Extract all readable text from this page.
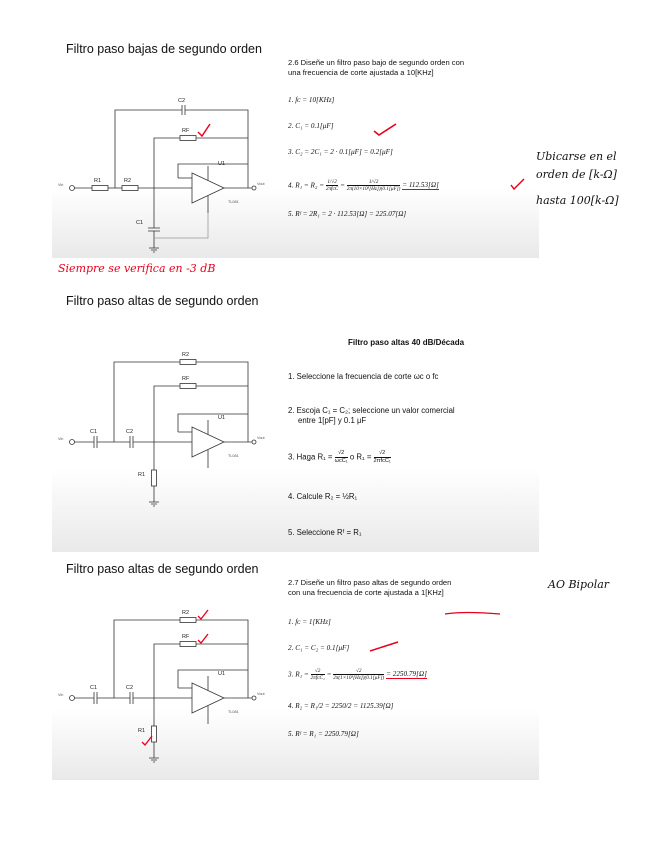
Filtro paso bajas de segundo orden
C2
RF
R1	R2
C1
U1
Vin	Vout
TL081
2.6 Diseñe un filtro paso bajo de segundo orden con
una frecuencia de corte ajustada a 10[KHz]
1. fᴄ = 10[KHz]
2. C₁ = 0.1[μF]
3. C₂ = 2C₁ = 2 · 0.1[μF] = 0.2[μF]
4. R₁ = R₂ = 1/√2
2πfᴄC = $\frac{1/√2}{\text{2π(10×10³[Hz])(0.1[μF])}} = 112.53[\Omega]$
5. Rᶠ = 2R₁ = 2 · 112.53[Ω] = 225.07[Ω]
Ubicarse en el
orden de [k-Ω]
hasta 100[k-Ω]
Siempre se verifica en -3 dB
Filtro paso altas de segundo orden
R2
RF
C1	C2
R1
U1
Vin	Vout
TL081
Filtro paso altas 40 dB/Década
1. Seleccione la frecuencia de corte ωᴄ o fᴄ
2. Escoja C₁ = C₂; seleccione un valor comercial
entre 1[pF] y 0.1 μF
3. Haga R₁ = √2
ωᴄC₁ o R₁ = √2
2πfᴄC₁
4. Calcule R₂ = ½R₁
5. Seleccione Rᶠ = R₁
Filtro paso altas de segundo orden
R2
RF
C1	C2
R1
U1
Vin	Vout
TL081
2.7 Diseñe un filtro paso altas de segundo orden
con una frecuencia de corte ajustada a 1[KHz]
1. fᴄ = 1[KHz]
2. C₁ = C₂ = 0.1[μF]
3. R₁ = √2
2πfᴄC₁ = $\frac{√2}{\text{2π(1×10³[Hz])(0.1[μF])}} = 2250.79[\Omega]$
4. R₂ = R₁/2 = 2250/2 = 1125.39[Ω]
5. Rᶠ = R₁ = 2250.79[Ω]
AO Bipolar
